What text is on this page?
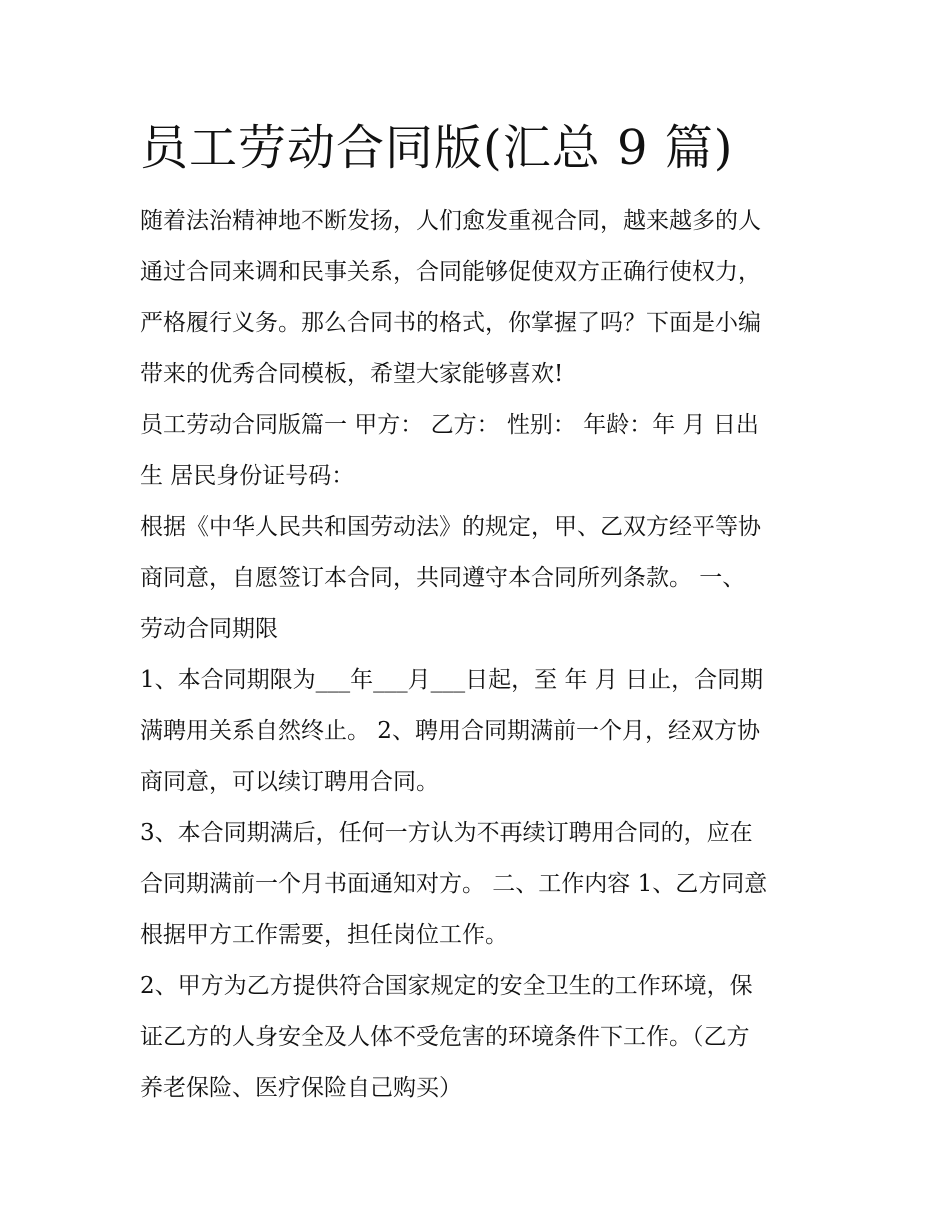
员工劳动合同版(汇总 9 篇)

随着法治精神地不断发扬，人们愈发重视合同，越来越多的人
通过合同来调和民事关系，合同能够促使双方正确行使权力，
严格履行义务。那么合同书的格式，你掌握了吗？下面是小编
带来的优秀合同模板，希望大家能够喜欢!

员工劳动合同版篇一 甲方： 乙方： 性别： 年龄：年 月 日出
生 居民身份证号码：

根据《中华人民共和国劳动法》的规定，甲、乙双方经平等协
商同意，自愿签订本合同，共同遵守本合同所列条款。 一、
劳动合同期限

1、本合同期限为___年___月___日起，至 年 月 日止，合同期
满聘用关系自然终止。 2、聘用合同期满前一个月，经双方协
商同意，可以续订聘用合同。

3、本合同期满后，任何一方认为不再续订聘用合同的，应在
合同期满前一个月书面通知对方。 二、工作内容 1、乙方同意
根据甲方工作需要，担任岗位工作。

2、甲方为乙方提供符合国家规定的安全卫生的工作环境，保
证乙方的人身安全及人体不受危害的环境条件下工作。（乙方
养老保险、医疗保险自己购买）
